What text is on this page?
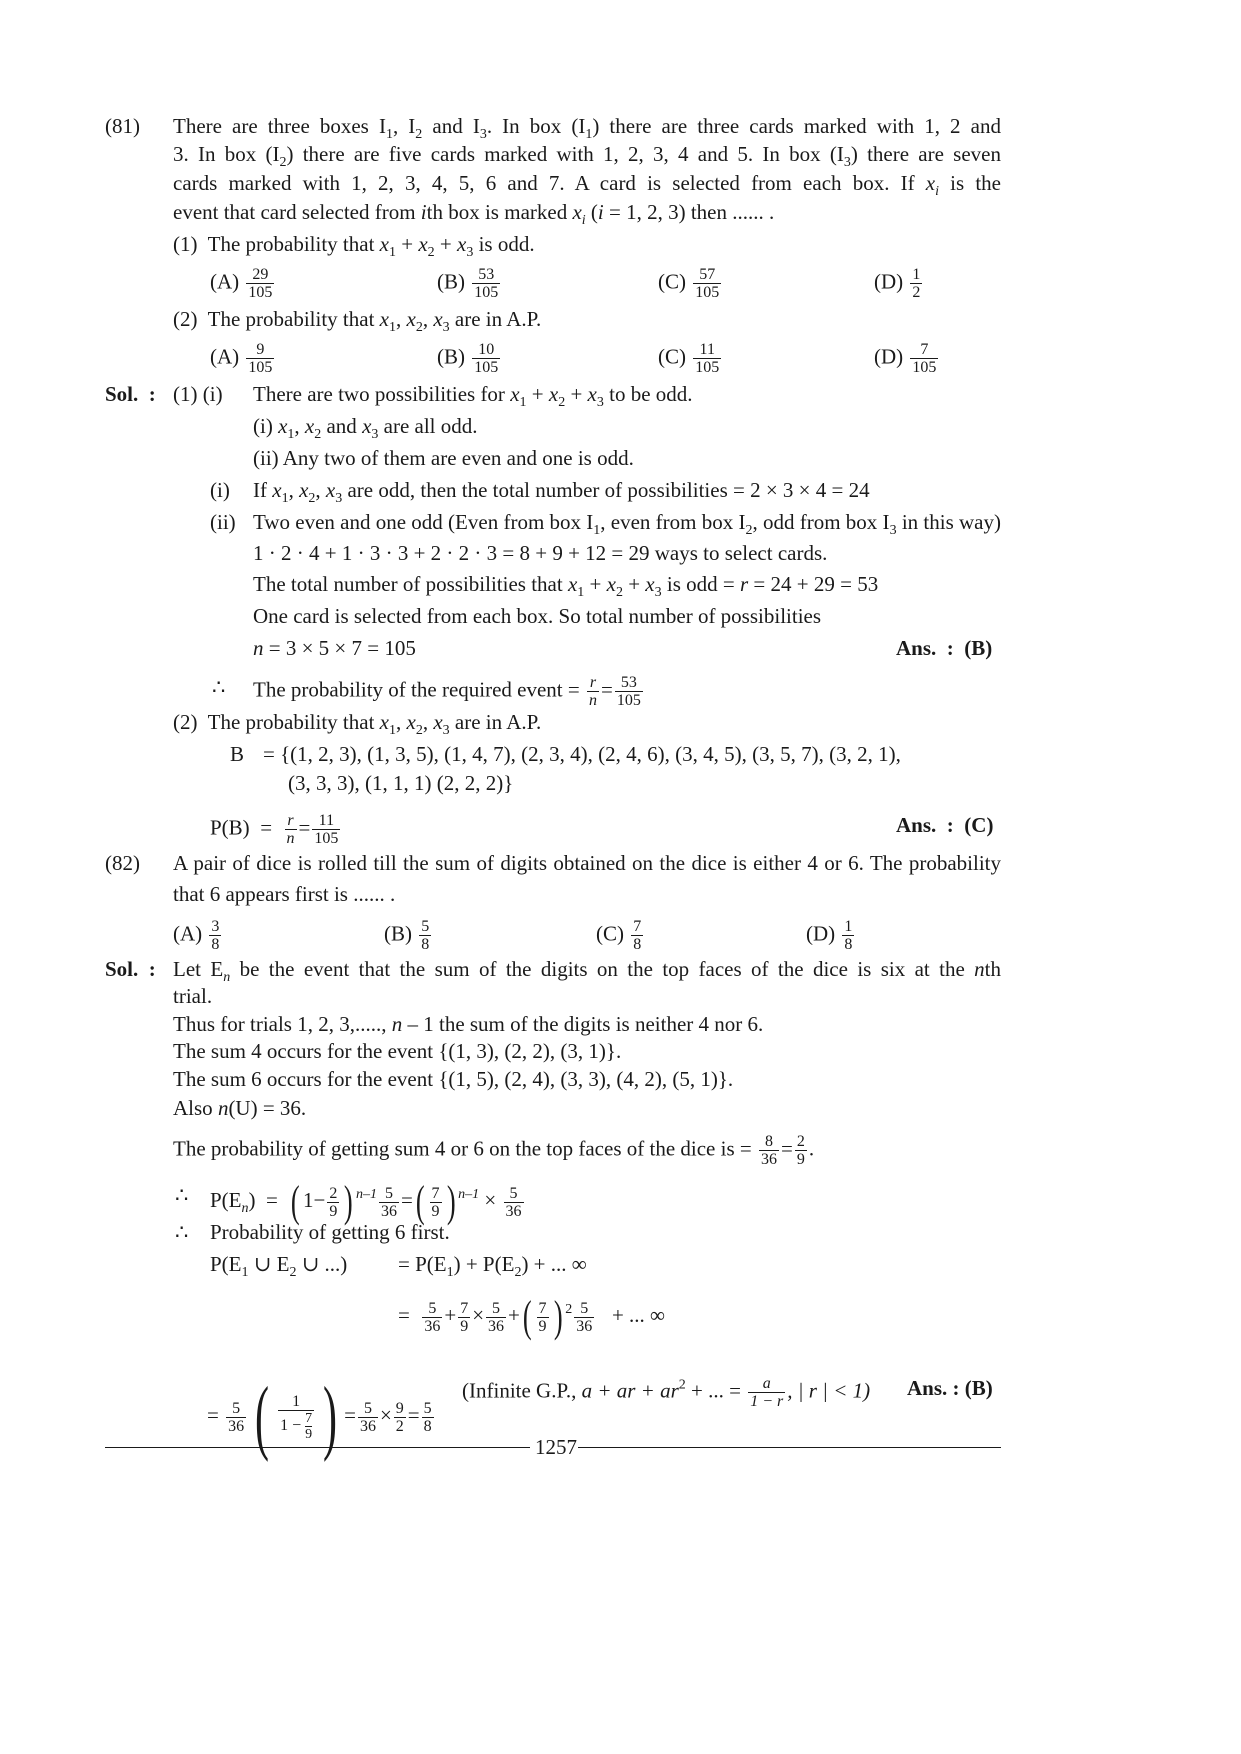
(81) There are three boxes $I_1$, $I_2$ and $I_3$. In box $(I_1)$ there are three cards marked with 1, 2 and
3. In box $(I_2)$ there are five cards marked with 1, 2, 3, 4 and 5. In box $(I_3)$ there are seven
cards marked with 1, 2, 3, 4, 5, 6 and 7. A card is selected from each box. If $x_i$ is the
event that card selected from ith box is marked $x_i$ (i = 1, 2, 3) then ...... .
(1) The probability that $x_1 + x_2 + x_3$ is odd.
$(A) \frac{29}{105}$	$(B) \frac{53}{105}$	$(C) \frac{57}{105}$	$(D) \frac{1}{2}$
(2) The probability that $x_1$, $x_2$, $x_3$ are in A.P.
$(A) \frac{9}{105}$	$(B) \frac{10}{105}$	$(C) \frac{11}{105}$	$(D) \frac{7}{105}$
Sol. : (1) (i) There are two possibilities for $x_1 + x_2 + x_3$ to be odd.
(i) $x_1$, $x_2$ and $x_3$ are all odd.
(ii) Any two of them are even and one is odd.
(i) If $x_1$, $x_2$, $x_3$ are odd, then the total number of possibilities = 2 × 3 × 4 = 24
(ii) Two even and one odd (Even from box $I_1$, even from box $I_2$, odd from box $I_3$ in this way)
1 · 2 · 4 + 1 · 3 · 3 + 2 · 2 · 3 = 8 + 9 + 12 = 29 ways to select cards.
The total number of possibilities that $x_1 + x_2 + x_3$ is odd = r = 24 + 29 = 53
One card is selected from each box. So total number of possibilities
n = 3 × 5 × 7 = 105	Ans.  :  (B)
∴ The probability of the required event = $\frac{r}{n} = \frac{53}{105}$
(2) The probability that $x_1$, $x_2$, $x_3$ are in A.P.
B = {(1, 2, 3), (1, 3, 5), (1, 4, 7), (2, 3, 4), (2, 4, 6), (3, 4, 5), (3, 5, 7), (3, 2, 1),
(3, 3, 3), (1, 1, 1) (2, 2, 2)}
$P(B) = \frac{r}{n} = \frac{11}{105}$	Ans.  :  (C)
(82) A pair of dice is rolled till the sum of digits obtained on the dice is either 4 or 6. The probability
that 6 appears first is ...... .
$(A) \frac{3}{8}$	$(B) \frac{5}{8}$	$(C) \frac{7}{8}$	$(D) \frac{1}{8}$
Sol. : Let $E_n$ be the event that the sum of the digits on the top faces of the dice is six at the nth
trial.
Thus for trials 1, 2, 3,....., n – 1 the sum of the digits is neither 4 nor 6.
The sum 4 occurs for the event {(1, 3), (2, 2), (3, 1)}.
The sum 6 occurs for the event {(1, 5), (2, 4), (3, 3), (4, 2), (5, 1)}.
Also n(U) = 36.
The probability of getting sum 4 or 6 on the top faces of the dice is = $\frac{8}{36} = \frac{2}{9}$ .
∴ $P(E_n)$  =  ( $1- \frac{2}{9}$ ) $^{n-1} \frac{5}{36}$ =( $\frac{7}{9}$ ) $^{n-1} \times \frac{5}{36}$
∴ Probability of getting 6 first.
$P(E_1$ ∪ $E_2$ ∪ ...) = $P(E_1) + P(E_2)$ + ... ∞
= $\frac{5}{36} + \frac{7}{9} \times \frac{5}{36}$ +( $\frac{7}{9}$ ) $^2 \frac{5}{36}$ + ... ∞
= $\frac{5}{36}$ ( $\frac{1}{1 - \frac{7}{9}}$ ) = $\frac{5}{36} \times \frac{9}{2} = \frac{5}{8}$
(Infinite G.P., a + ar + $ar^2$ + ... = $\frac{a}{1 - r}$ , | r | < 1) Ans. : (B)
1257
